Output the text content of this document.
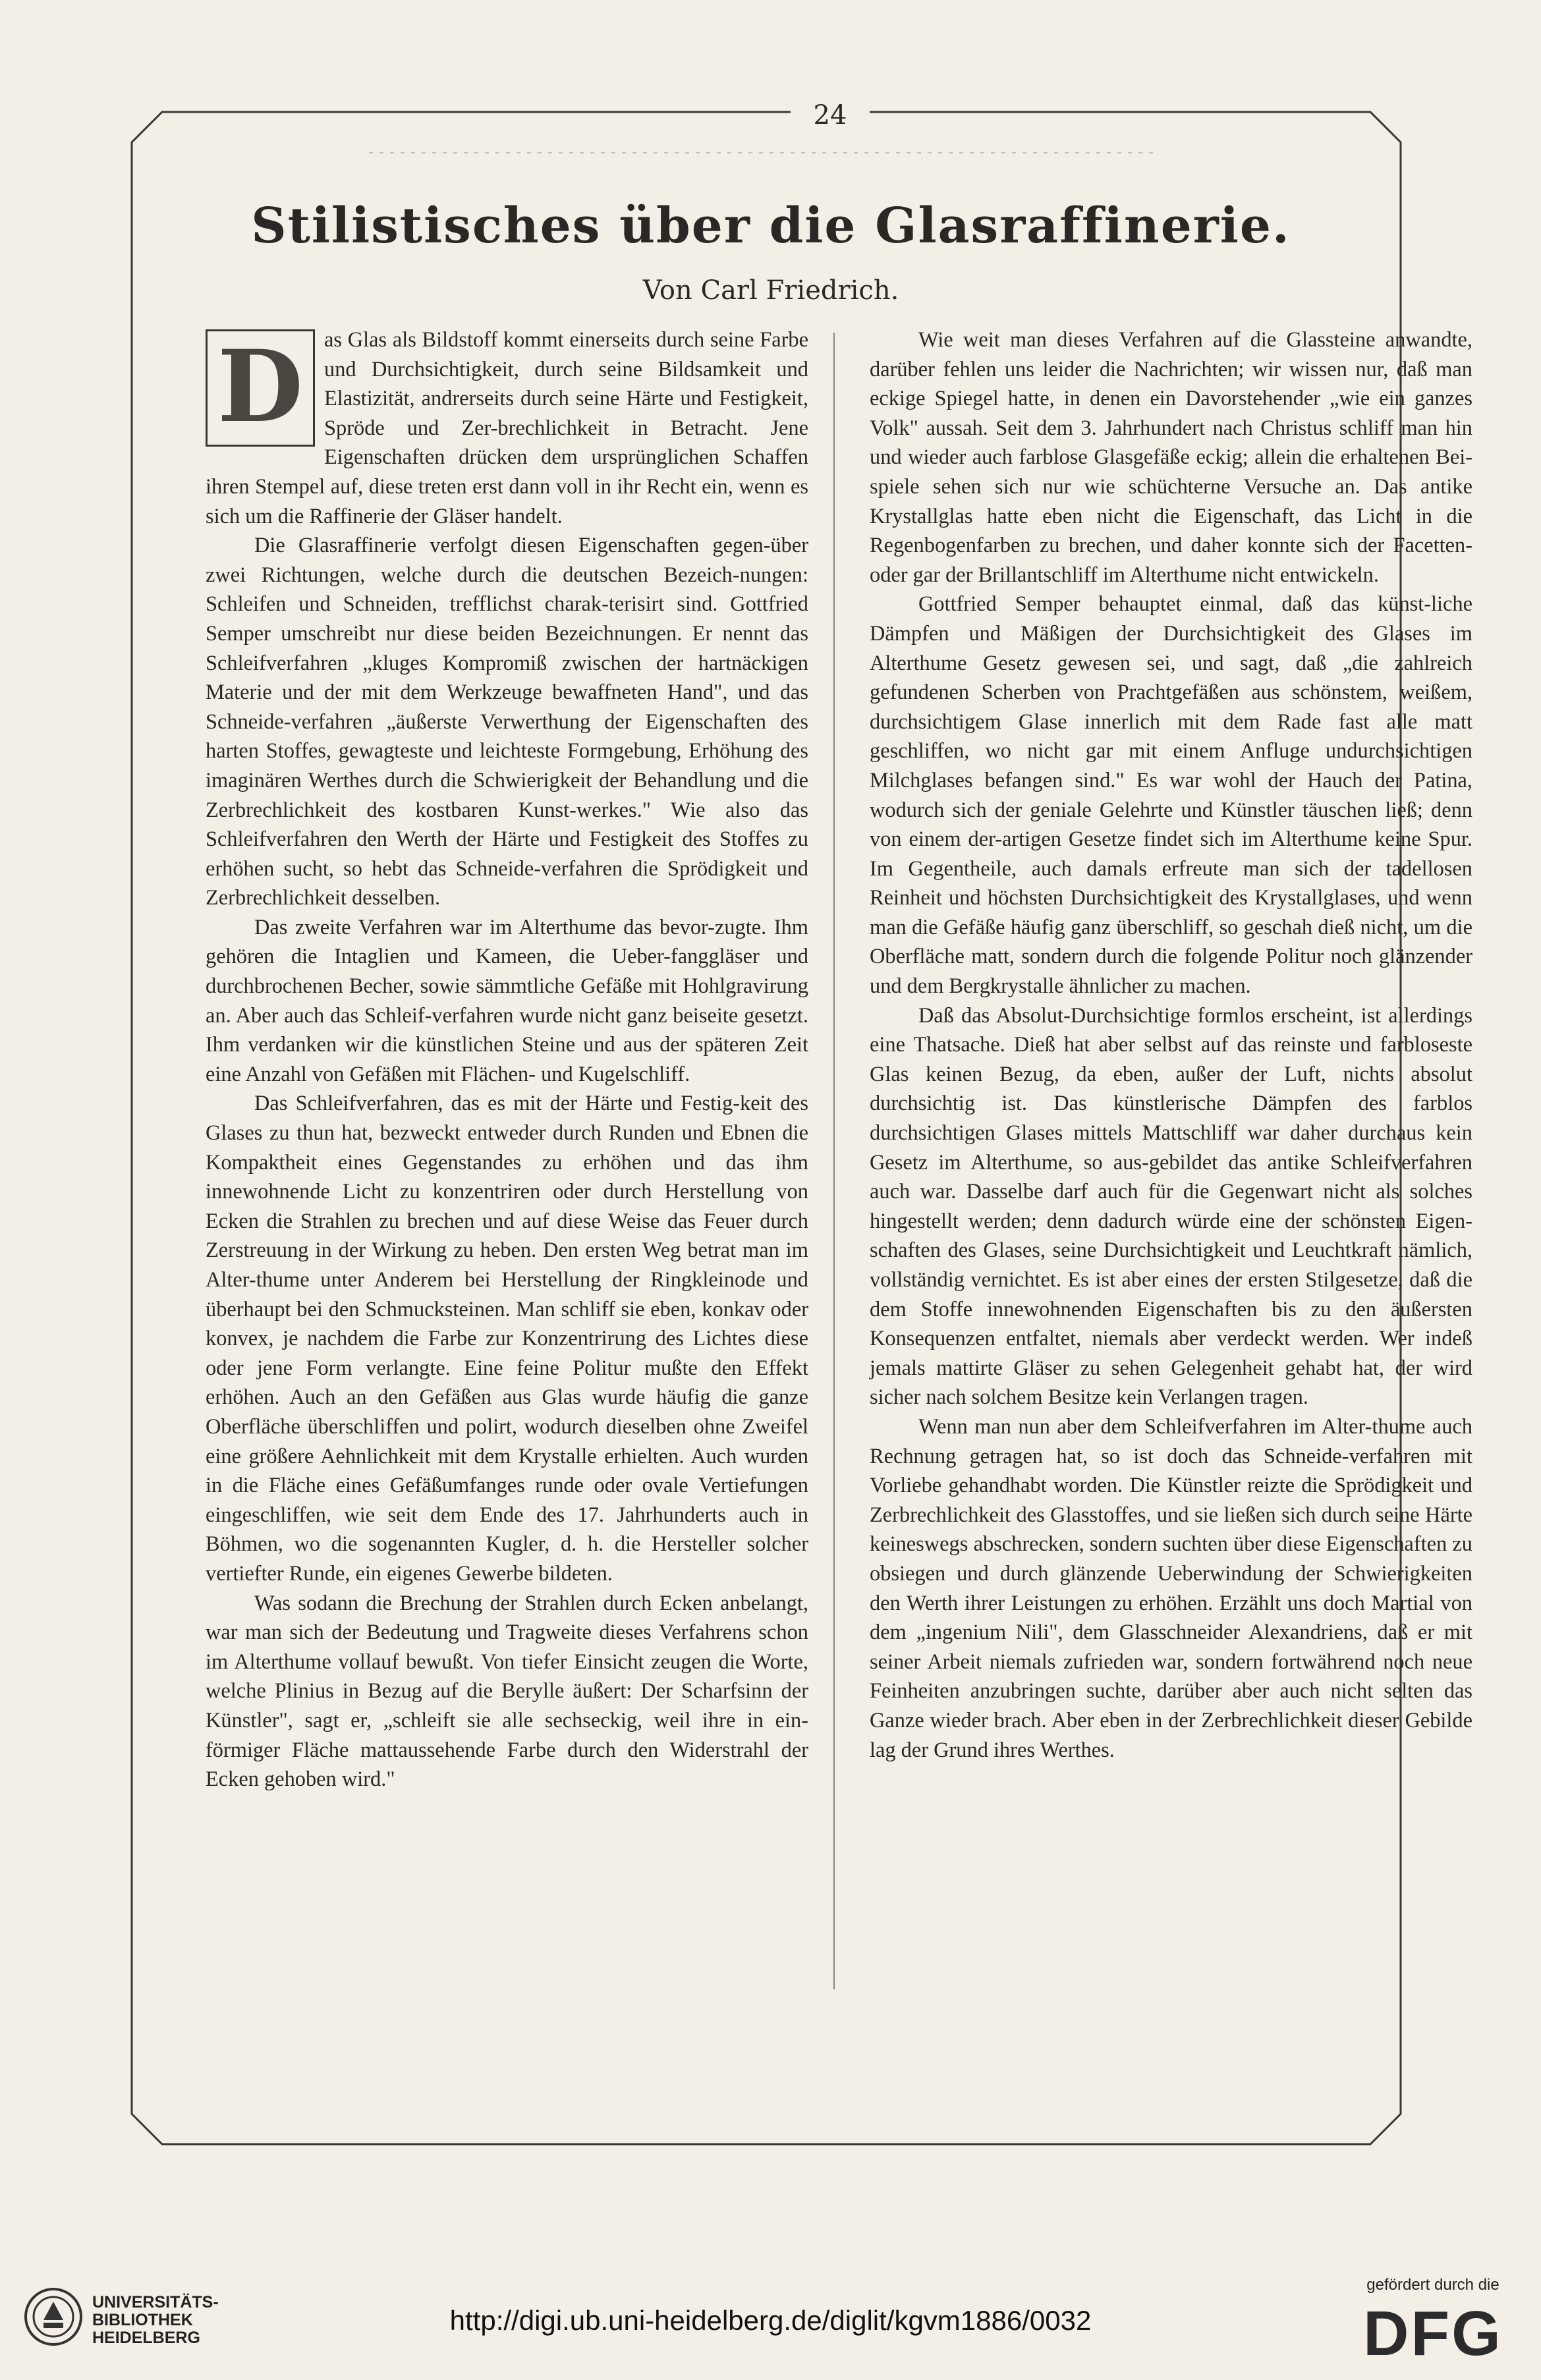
24
Stilistisches über die Glasraffinerie.
Von Carl Friedrich.
D as Glas als Bildstoff kommt einerseits durch seine Farbe und Durchsichtigkeit, durch seine Bildsamkeit und Elastizität, andrerseits durch seine Härte und Festigkeit, Spröde und Zer-brechlichkeit in Betracht. Jene Eigenschaften drücken dem ursprünglichen Schaffen ihren Stempel auf, diese treten erst dann voll in ihr Recht ein, wenn es sich um die Raffinerie der Gläser handelt.

Die Glasraffinerie verfolgt diesen Eigenschaften gegen-über zwei Richtungen, welche durch die deutschen Bezeich-nungen: Schleifen und Schneiden, trefflichst charak-terisirt sind. Gottfried Semper umschreibt nur diese beiden Bezeichnungen. Er nennt das Schleifverfahren „kluges Kompromiß zwischen der hartnäckigen Materie und der mit dem Werkzeuge bewaffneten Hand", und das Schneide-verfahren „äußerste Verwerthung der Eigenschaften des harten Stoffes, gewagteste und leichteste Formgebung, Erhöhung des imaginären Werthes durch die Schwierigkeit der Behandlung und die Zerbrechlichkeit des kostbaren Kunst-werkes." Wie also das Schleifverfahren den Werth der Härte und Festigkeit des Stoffes zu erhöhen sucht, so hebt das Schneide-verfahren die Sprödigkeit und Zerbrechlichkeit desselben.

Das zweite Verfahren war im Alterthume das bevor-zugte. Ihm gehören die Intaglien und Kameen, die Ueber-fanggläser und durchbrochenen Becher, sowie sämmtliche Gefäße mit Hohlgravirung an. Aber auch das Schleif-verfahren wurde nicht ganz beiseite gesetzt. Ihm verdanken wir die künstlichen Steine und aus der späteren Zeit eine Anzahl von Gefäßen mit Flächen- und Kugelschliff.

Das Schleifverfahren, das es mit der Härte und Festig-keit des Glases zu thun hat, bezweckt entweder durch Runden und Ebnen die Kompaktheit eines Gegenstandes zu erhöhen und das ihm innewohnende Licht zu konzentriren oder durch Herstellung von Ecken die Strahlen zu brechen und auf diese Weise das Feuer durch Zerstreuung in der Wirkung zu heben. Den ersten Weg betrat man im Alter-thume unter Anderem bei Herstellung der Ringkleinode und überhaupt bei den Schmucksteinen. Man schliff sie eben, konkav oder konvex, je nachdem die Farbe zur Konzentrirung des Lichtes diese oder jene Form verlangte. Eine feine Politur mußte den Effekt erhöhen. Auch an den Gefäßen aus Glas wurde häufig die ganze Oberfläche überschliffen und polirt, wodurch dieselben ohne Zweifel eine größere Aehnlichkeit mit dem Krystalle erhielten. Auch wurden in die Fläche eines Gefäßumfanges runde oder ovale Vertiefungen eingeschliffen, wie seit dem Ende des 17. Jahrhunderts auch in Böhmen, wo die sogenannten Kugler, d. h. die Hersteller solcher vertiefter Runde, ein eigenes Gewerbe bildeten.

Was sodann die Brechung der Strahlen durch Ecken anbelangt, war man sich der Bedeutung und Tragweite dieses Verfahrens schon im Alterthume vollauf bewußt. Von tiefer Einsicht zeugen die Worte, welche Plinius in Bezug auf die Berylle äußert: Der Scharfsinn der Künstler", sagt er, „schleift sie alle sechseckig, weil ihre in ein-förmiger Fläche mattaussehende Farbe durch den Widerstrahl der Ecken gehoben wird."

Wie weit man dieses Verfahren auf die Glassteine anwandte, darüber fehlen uns leider die Nachrichten; wir wissen nur, daß man eckige Spiegel hatte, in denen ein Davorstehender „wie ein ganzes Volk" aussah. Seit dem 3. Jahrhundert nach Christus schliff man hin und wieder auch farblose Glasgefäße eckig; allein die erhaltenen Bei-spiele sehen sich nur wie schüchterne Versuche an. Das antike Krystallglas hatte eben nicht die Eigenschaft, das Licht in die Regenbogenfarben zu brechen, und daher konnte sich der Facetten- oder gar der Brillantschliff im Alterthume nicht entwickeln.

Gottfried Semper behauptet einmal, daß das künst-liche Dämpfen und Mäßigen der Durchsichtigkeit des Glases im Alterthume Gesetz gewesen sei, und sagt, daß „die zahlreich gefundenen Scherben von Prachtgefäßen aus schönstem, weißem, durchsichtigem Glase innerlich mit dem Rade fast alle matt geschliffen, wo nicht gar mit einem Anfluge undurchsichtigen Milchglases befangen sind." Es war wohl der Hauch der Patina, wodurch sich der geniale Gelehrte und Künstler täuschen ließ; denn von einem der-artigen Gesetze findet sich im Alterthume keine Spur. Im Gegentheile, auch damals erfreute man sich der tadellosen Reinheit und höchsten Durchsichtigkeit des Krystallglases, und wenn man die Gefäße häufig ganz überschliff, so geschah dieß nicht, um die Oberfläche matt, sondern durch die folgende Politur noch glänzender und dem Bergkrystalle ähnlicher zu machen.

Daß das Absolut-Durchsichtige formlos erscheint, ist allerdings eine Thatsache. Dieß hat aber selbst auf das reinste und farbloseste Glas keinen Bezug, da eben, außer der Luft, nichts absolut durchsichtig ist. Das künstlerische Dämpfen des farblos durchsichtigen Glases mittels Mattschliff war daher durchaus kein Gesetz im Alterthume, so aus-gebildet das antike Schleifverfahren auch war. Dasselbe darf auch für die Gegenwart nicht als solches hingestellt werden; denn dadurch würde eine der schönsten Eigen-schaften des Glases, seine Durchsichtigkeit und Leuchtkraft nämlich, vollständig vernichtet. Es ist aber eines der ersten Stilgesetze, daß die dem Stoffe innewohnenden Eigenschaften bis zu den äußersten Konsequenzen entfaltet, niemals aber verdeckt werden. Wer indeß jemals mattirte Gläser zu sehen Gelegenheit gehabt hat, der wird sicher nach solchem Besitze kein Verlangen tragen.

Wenn man nun aber dem Schleifverfahren im Alter-thume auch Rechnung getragen hat, so ist doch das Schneide-verfahren mit Vorliebe gehandhabt worden. Die Künstler reizte die Sprödigkeit und Zerbrechlichkeit des Glasstoffes, und sie ließen sich durch seine Härte keineswegs abschrecken, sondern suchten über diese Eigenschaften zu obsiegen und durch glänzende Ueberwindung der Schwierigkeiten den Werth ihrer Leistungen zu erhöhen. Erzählt uns doch Martial von dem „ingenium Nili", dem Glasschneider Alexandriens, daß er mit seiner Arbeit niemals zufrieden war, sondern fortwährend noch neue Feinheiten anzubringen suchte, darüber aber auch nicht selten das Ganze wieder brach. Aber eben in der Zerbrechlichkeit dieser Gebilde lag der Grund ihres Werthes.

UNIVERSITÄTS-
BIBLIOTHEK
HEIDELBERG
http://digi.ub.uni-heidelberg.de/diglit/kgvm1886/0032
gefördert durch die
DFG
